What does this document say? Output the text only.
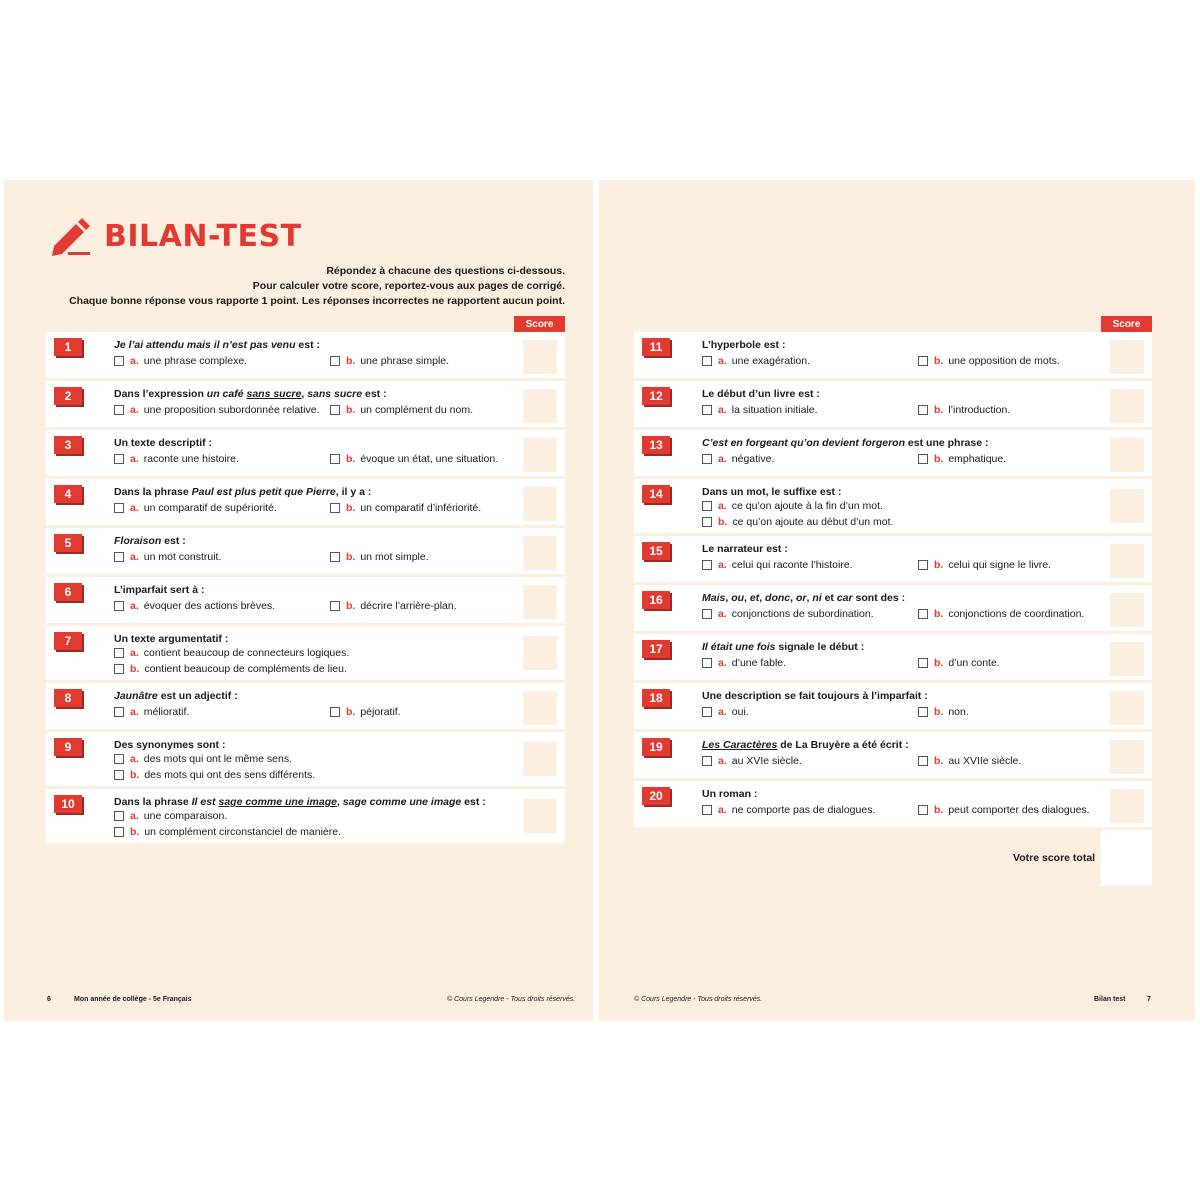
BILAN-TEST
Répondez à chacune des questions ci-dessous.
Pour calculer votre score, reportez-vous aux pages de corrigé.
Chaque bonne réponse vous rapporte 1 point. Les réponses incorrectes ne rapportent aucun point.
Score
1	Je l’ai attendu mais il n’est pas venu est :
a. une phrase complexe.	b. une phrase simple.
2	Dans l’expression un café sans sucre, sans sucre est :
a. une proposition subordonnée relative.	b. un complément du nom.
3	Un texte descriptif :
a. raconte une histoire.	b. évoque un état, une situation.
4	Dans la phrase Paul est plus petit que Pierre, il y a :
a. un comparatif de supériorité.	b. un comparatif d’infériorité.
5	Floraison est :
a. un mot construit.	b. un mot simple.
6	L’imparfait sert à :
a. évoquer des actions brèves.	b. décrire l’arrière-plan.
7	Un texte argumentatif :
a. contient beaucoup de connecteurs logiques.
b. contient beaucoup de compléments de lieu.
8	Jaunâtre est un adjectif :
a. mélioratif.	b. péjoratif.
9	Des synonymes sont :
a. des mots qui ont le même sens.
b. des mots qui ont des sens différents.
10	Dans la phrase Il est sage comme une image, sage comme une image est :
a. une comparaison.
b. un complément circonstanciel de manière.
6	Mon année de collège - 5e Français	© Cours Legendre - Tous droits réservés.
Score
11	L’hyperbole est :
a. une exagération.	b. une opposition de mots.
12	Le début d’un livre est :
a. la situation initiale.	b. l’introduction.
13	C’est en forgeant qu’on devient forgeron est une phrase :
a. négative.	b. emphatique.
14	Dans un mot, le suffixe est :
a. ce qu’on ajoute à la fin d’un mot.
b. ce qu’on ajoute au début d’un mot.
15	Le narrateur est :
a. celui qui raconte l’histoire.	b. celui qui signe le livre.
16	Mais, ou, et, donc, or, ni et car sont des :
a. conjonctions de subordination.	b. conjonctions de coordination.
17	Il était une fois signale le début :
a. d’une fable.	b. d’un conte.
18	Une description se fait toujours à l’imparfait :
a. oui.	b. non.
19	Les Caractères de La Bruyère a été écrit :
a. au XVIe siècle.	b. au XVIIe siècle.
20	Un roman :
a. ne comporte pas de dialogues.	b. peut comporter des dialogues.
Votre score total
© Cours Legendre - Tous droits réservés.	Bilan test	7
